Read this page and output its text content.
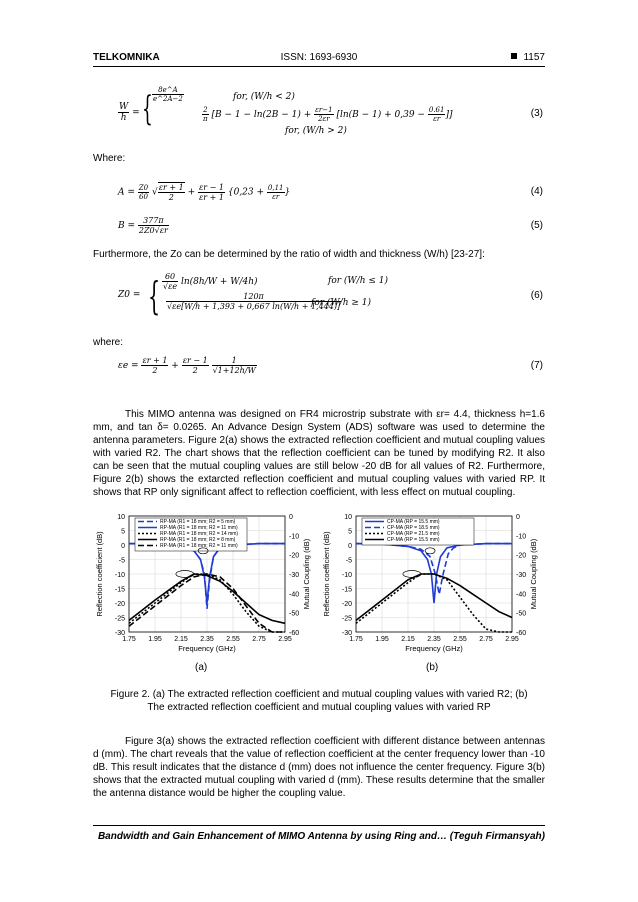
TELKOMNIKA	ISSN: 1693-6930	1157
$\frac{W}{h}$ = { $\frac{8e\^{}A}{e\^{}2A-2}$	for, (W/h < 2)
$\frac{2}{\pi} [B - 1 - \ln(2B - 1) + \frac{\varepsilon r-1}{2\varepsilon r} [\ln(B - 1) + 0,39 - \frac{0.61}{\varepsilon r}$ ]]
for, (W/h > 2)
(3)
Where:
$A = \frac{Z0}{60}$ √ $\frac{\varepsilon r + 1}{2} + \frac{\varepsilon r - 1}{\varepsilon r + 1} \{0,23 + \frac{0,11}{\varepsilon r}$ }	(4)
$B = \frac{377\pi}{2Z0√\varepsilon r}$	(5)
Furthermore, the Zo can be determined by the ratio of width and thickness (W/h) [23-27]:
Z0 = { $\frac{60}{√\varepsilon e} \ln(8h/W + W/4h)$	for (W/h ≤ 1)
$\frac{120\pi}{√\varepsilon e[W/h + 1,393 + 0,667 \ln(W/h + 1,444)]}$
for (W/h ≥ 1)
(6)
where:
$\varepsilon e = \frac{\varepsilon r + 1}{2} + \frac{\varepsilon r - 1}{2}$
$\frac{1}{√1+12h/W}$	(7)
This MIMO antenna was designed on FR4 microstrip substrate with εr= 4.4, thickness h=1.6 mm, and tan δ= 0.0265. An Advance Design System (ADS) software was used to determine the antenna parameters. Figure 2(a) shows the extracted reflection coefficient and mutual coupling values with varied R2. The chart shows that the reflection coefficient can be tuned by modifying R2. It also can be seen that the mutual coupling values are still below -20 dB for all values of R2. Furthermore, Figure 2(b) shows the extarcted reflection coefficient and mutual coupling values with varied RP. It shows that RP only significant affect to reflection coefficient, with less effect on mutual coupling.
10
5
0
-5
-10
-15
-20
-25
-30
0
-10
-20
-30
-40
-50
-60
1.75 1.95 2.15 2.35 2.55 2.75 2.95
RP-MA (R1 = 18 mm; R2 = 5 mm)
RP-MA (R1 = 18 mm; R2 = 11 mm)
RP-MA (R1 = 18 mm; R2 = 14 mm)
RP-MA (R1 = 18 mm; R2 = 8 mm)
RP-MA (R1 = 18 mm; R2 = 11 mm)
Frequency (GHz)
Reflection coefficient (dB)	Mutual Coupling (dB)
10
5
0
-5
-10
-15
-20
-25
-30
0
-10
-20
-30
-40
-50
-60
1.75 1.95 2.15 2.35 2.55 2.75 2.95
CP-MA (RP = 15.5 mm)
CP-MA (RP = 18.5 mm)
CP-MA (RP = 21.5 mm)
CP-MA (RP = 15.5 mm)
Frequency (GHz)
Reflection coefficient (dB)	Mutual Coupling (dB)
(a)	(b)
Figure 2. (a) The extracted reflection coefficient and mutual coupling values with varied R2; (b)
The extracted reflection coefficient and mutual coupling values with varied RP
Figure 3(a) shows the extracted reflection coefficient with different distance between antennas d (mm). The chart reveals that the value of reflection coefficient at the center frequency lower than -10 dB. This result indicates that the distance d (mm) does not influence the center frequency. Figure 3(b) shows that the extracted mutual coupling with varied d (mm). These results determine that the smaller the antenna distance would be higher the coupling value.
Bandwidth and Gain Enhancement of MIMO Antenna by using Ring and… (Teguh Firmansyah)
